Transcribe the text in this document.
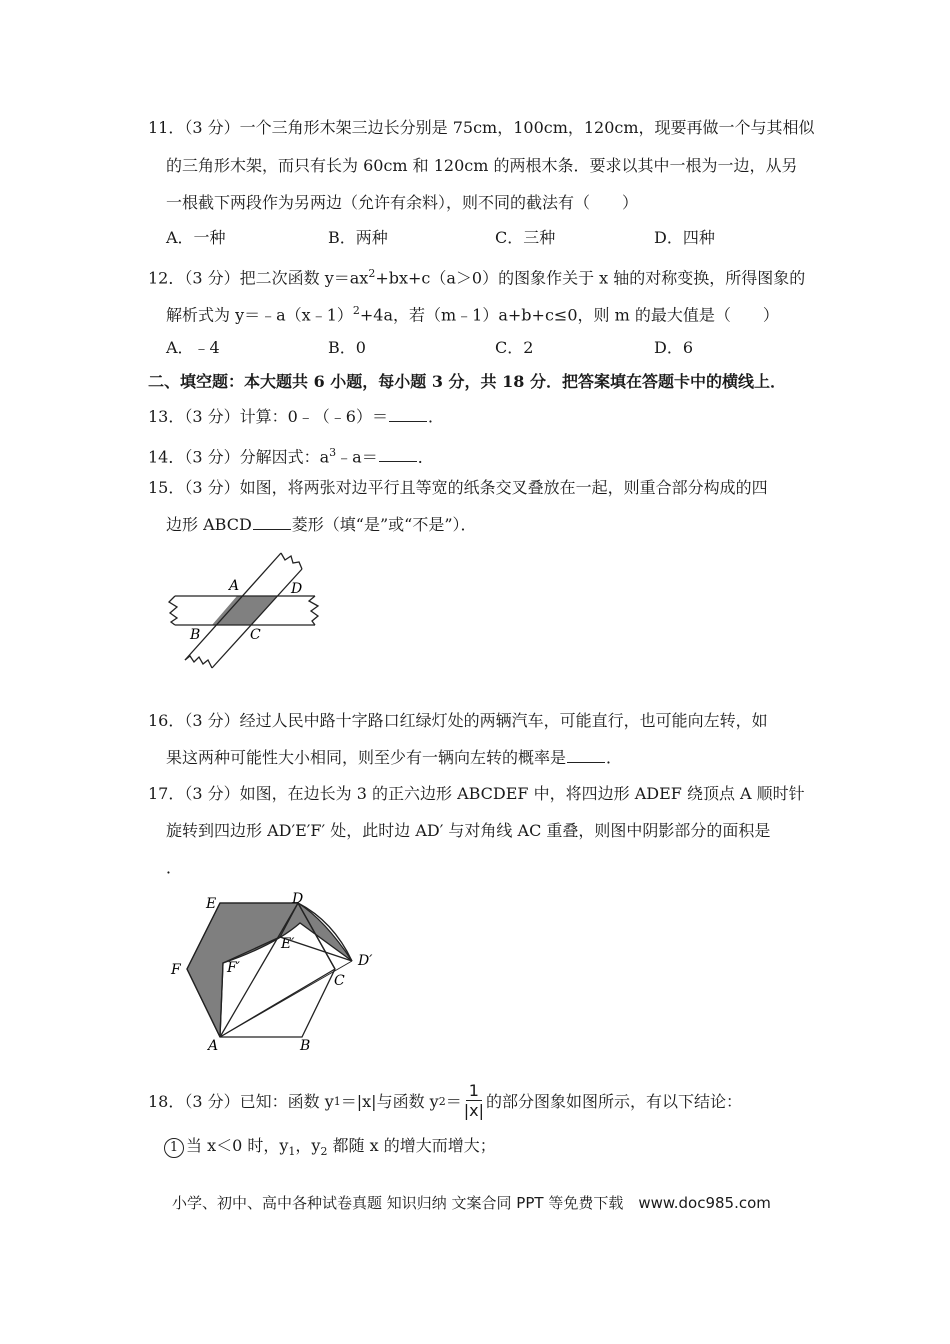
11．（3 分）一个三角形木架三边长分别是 75cm，100cm，120cm，现要再做一个与其相似
的三角形木架，而只有长为 60cm 和 120cm 的两根木条．要求以其中一根为一边，从另
一根截下两段作为另两边（允许有余料），则不同的截法有（　　）
A．一种	B．两种	C．三种	D．四种
12．（3 分）把二次函数 $y=ax^2+bx+c(a>0)$的图象作关于 x 轴的对称变换，所得图象的
解析式为 y＝﹣a（x﹣1）$^2$+4a，若（m﹣1）a+b+c≤0，则 m 的最大值是（　　）
A．﹣4	B．0	C．2	D．6
二、填空题：本大题共 6 小题，每小题 3 分，共 18 分．把答案填在答题卡中的横线上．
13．（3 分）计算：0﹣（﹣6）＝	．
14．（3 分）分解因式：$a^3﹣a=$	．
15．（3 分）如图，将两张对边平行且等宽的纸条交叉叠放在一起，则重合部分构成的四
边形 ABCD	菱形（填“是”或“不是”）．
A	D
B	C
16．（3 分）经过人民中路十字路口红绿灯处的两辆汽车，可能直行，也可能向左转，如
果这两种可能性大小相同，则至少有一辆向左转的概率是	．
17．（3 分）如图，在边长为 3 的正六边形 ABCDEF 中，将四边形 ADEF 绕顶点 A 顺时针
旋转到四边形 AD′E′F′ 处，此时边 AD′ 与对角线 AC 重叠，则图中阴影部分的面积是
．
E	D
E′
F	F′
C
D′
A	B
18．（3 分）已知：函数 y 1 ＝|x|与函数 y $2 = \frac{1}{|x|}$ 的部分图象如图所示，有以下结论：
1 当 x＜0 时，$y_1$，$y_2$ 都随 x 的增大而增大；
小学、初中、高中各种试卷真题 知识归纳 文案合同 PPT 等免费下载　www.doc985.com
